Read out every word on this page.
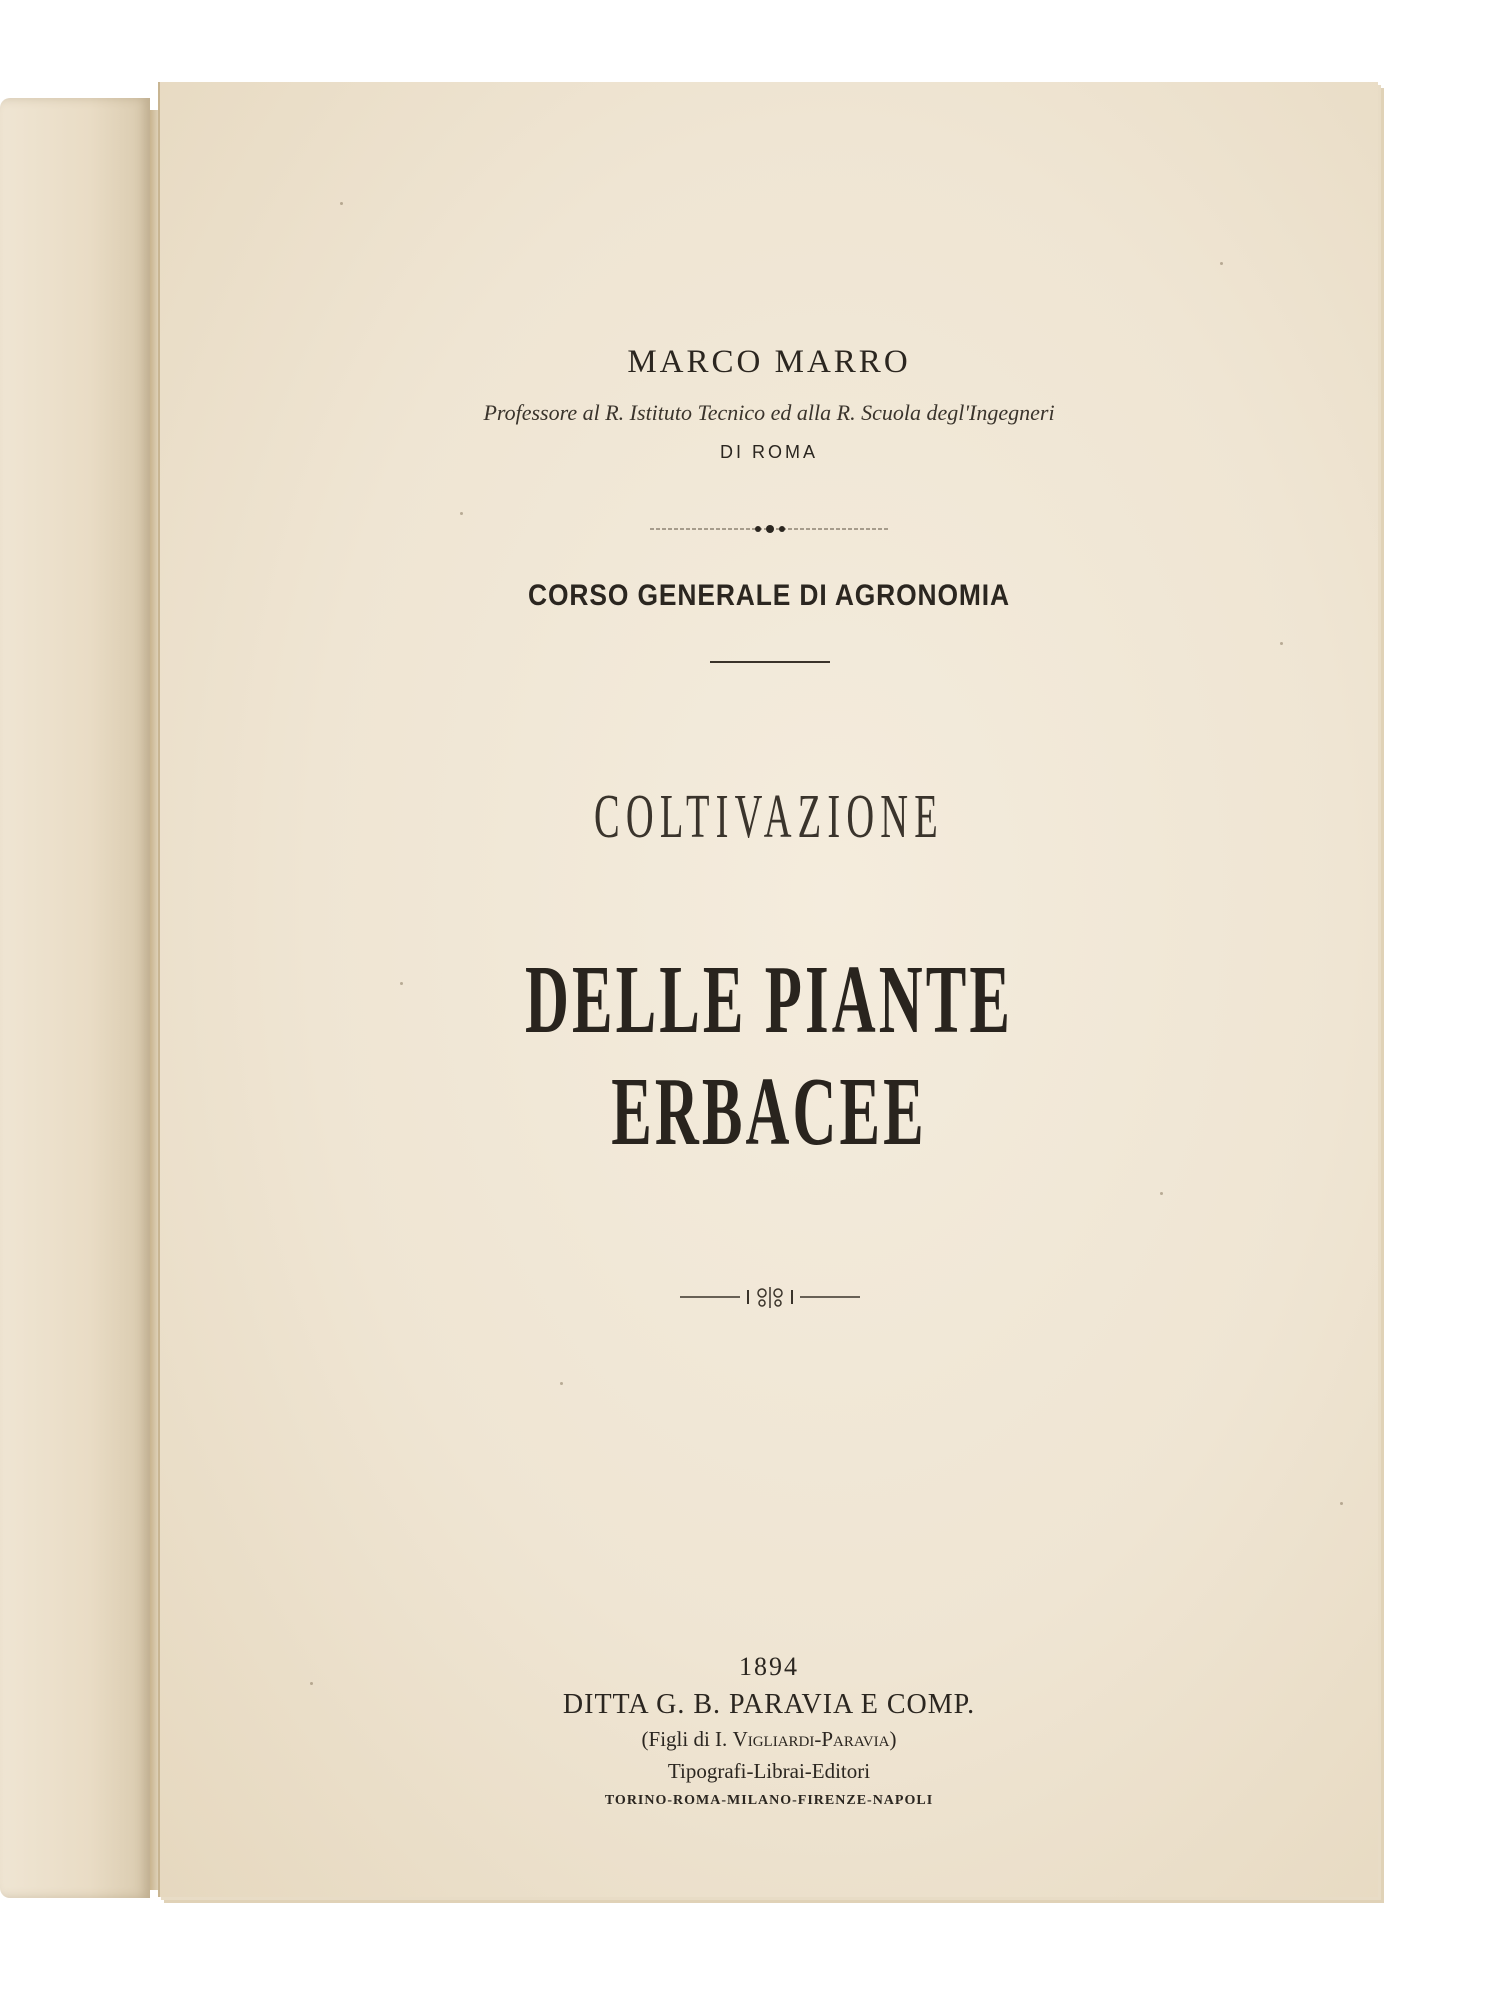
MARCO MARRO
Professore al R. Istituto Tecnico ed alla R. Scuola degl'Ingegneri
DI ROMA
CORSO GENERALE DI AGRONOMIA
COLTIVAZIONE
DELLE PIANTE ERBACEE
1894
DITTA G. B. PARAVIA E COMP.
(Figli di I. Vigliardi-Paravia)
Tipografi-Librai-Editori
TORINO-ROMA-MILANO-FIRENZE-NAPOLI
